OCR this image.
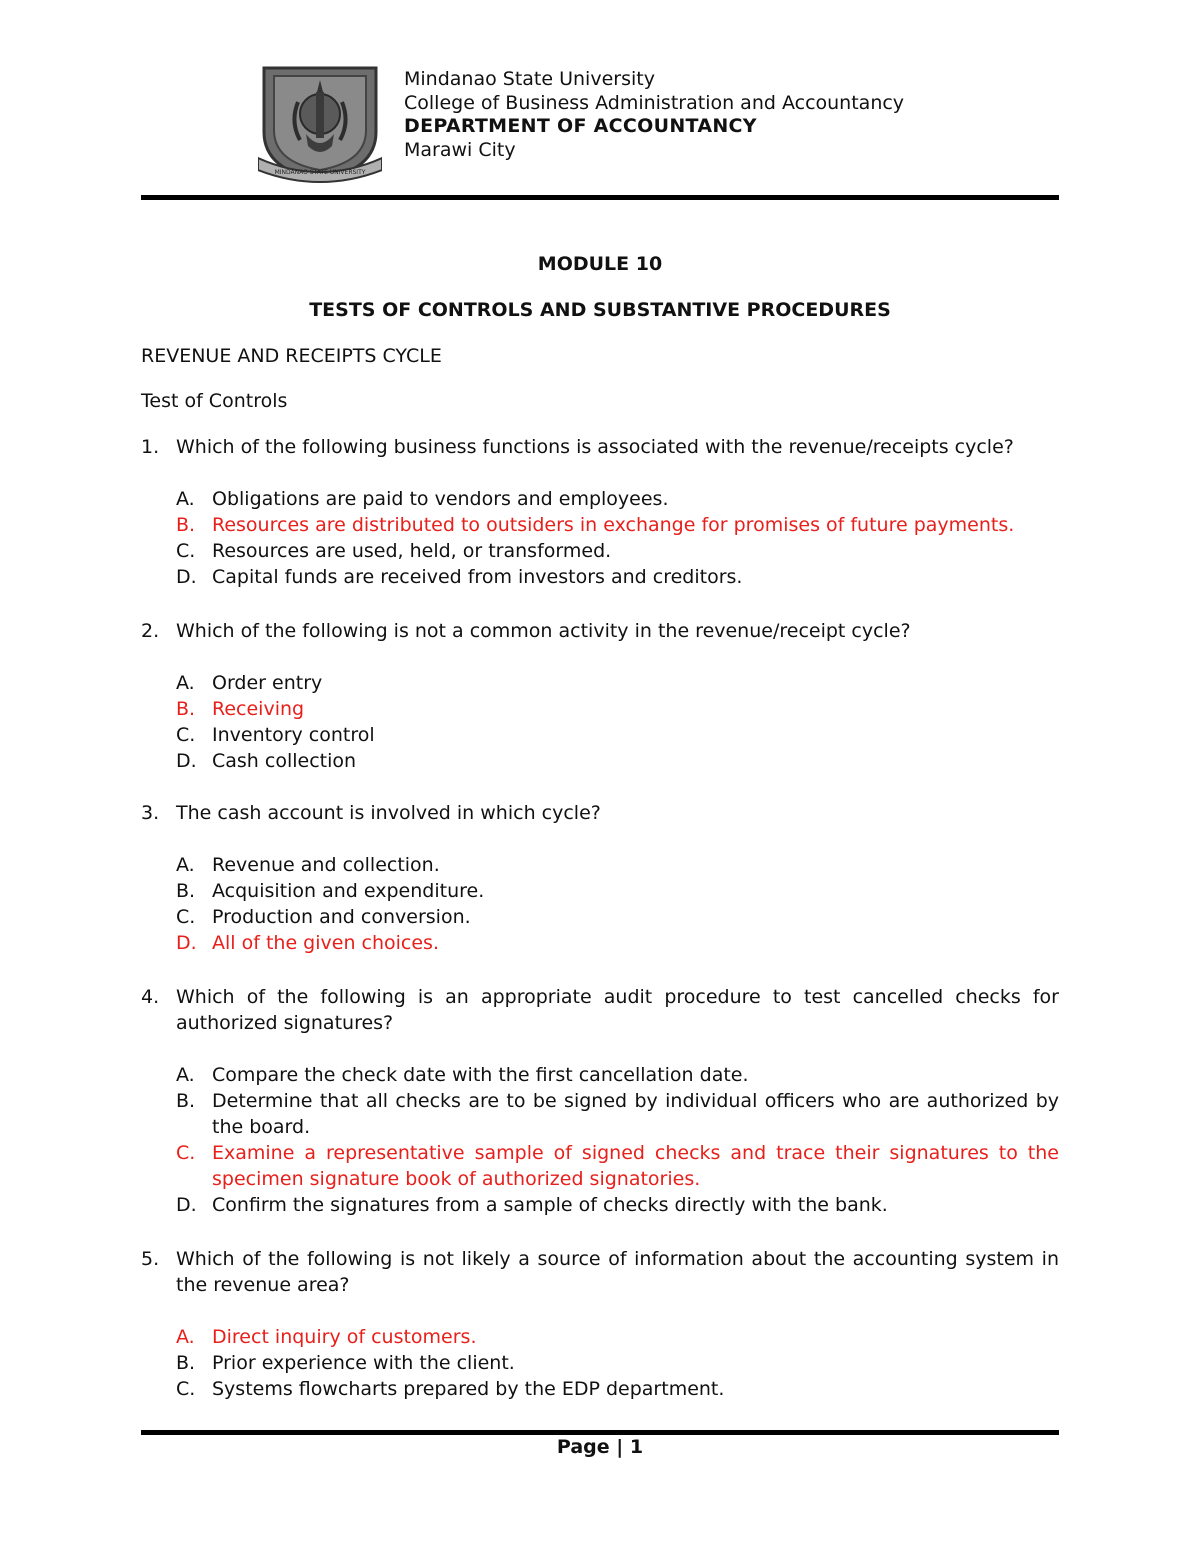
MINDANAO STATE UNIVERSITY
Mindanao State University
College of Business Administration and Accountancy
DEPARTMENT OF ACCOUNTANCY
Marawi City
MODULE 10
TESTS OF CONTROLS AND SUBSTANTIVE PROCEDURES
REVENUE AND RECEIPTS CYCLE
Test of Controls
1. Which of the following business functions is associated with the revenue/receipts cycle?
A. Obligations are paid to vendors and employees.
B. Resources are distributed to outsiders in exchange for promises of future payments.
C. Resources are used, held, or transformed.
D. Capital funds are received from investors and creditors.
2. Which of the following is not a common activity in the revenue/receipt cycle?
A. Order entry
B. Receiving
C. Inventory control
D. Cash collection
3. The cash account is involved in which cycle?
A. Revenue and collection.
B. Acquisition and expenditure.
C. Production and conversion.
D. All of the given choices.
4. Which of the following is an appropriate audit procedure to test cancelled checks for authorized signatures?
A. Compare the check date with the first cancellation date.
B. Determine that all checks are to be signed by individual officers who are authorized by the board.
C. Examine a representative sample of signed checks and trace their signatures to the specimen signature book of authorized signatories.
D. Confirm the signatures from a sample of checks directly with the bank.
5. Which of the following is not likely a source of information about the accounting system in the revenue area?
A. Direct inquiry of customers.
B. Prior experience with the client.
C. Systems flowcharts prepared by the EDP department.
Page | 1
